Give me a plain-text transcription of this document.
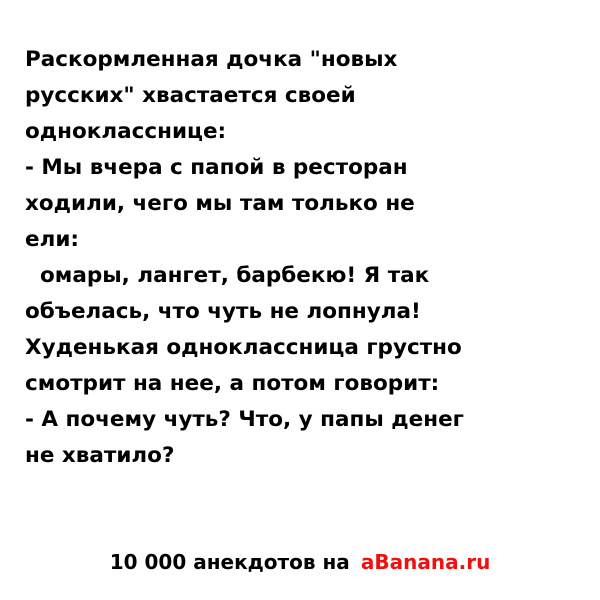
Раскормленная дочка "новых
русских" хвастается своей
однокласснице:
- Мы вчера с папой в ресторан
ходили, чего мы там только не
ели:
омары, лангет, барбекю! Я так
объелась, что чуть не лопнула!
Худенькая одноклассница грустно
смотрит на нее, а потом говорит:
- А почему чуть? Что, у папы денег
не хватило?
10 000 анекдотов на aBanana.ru
